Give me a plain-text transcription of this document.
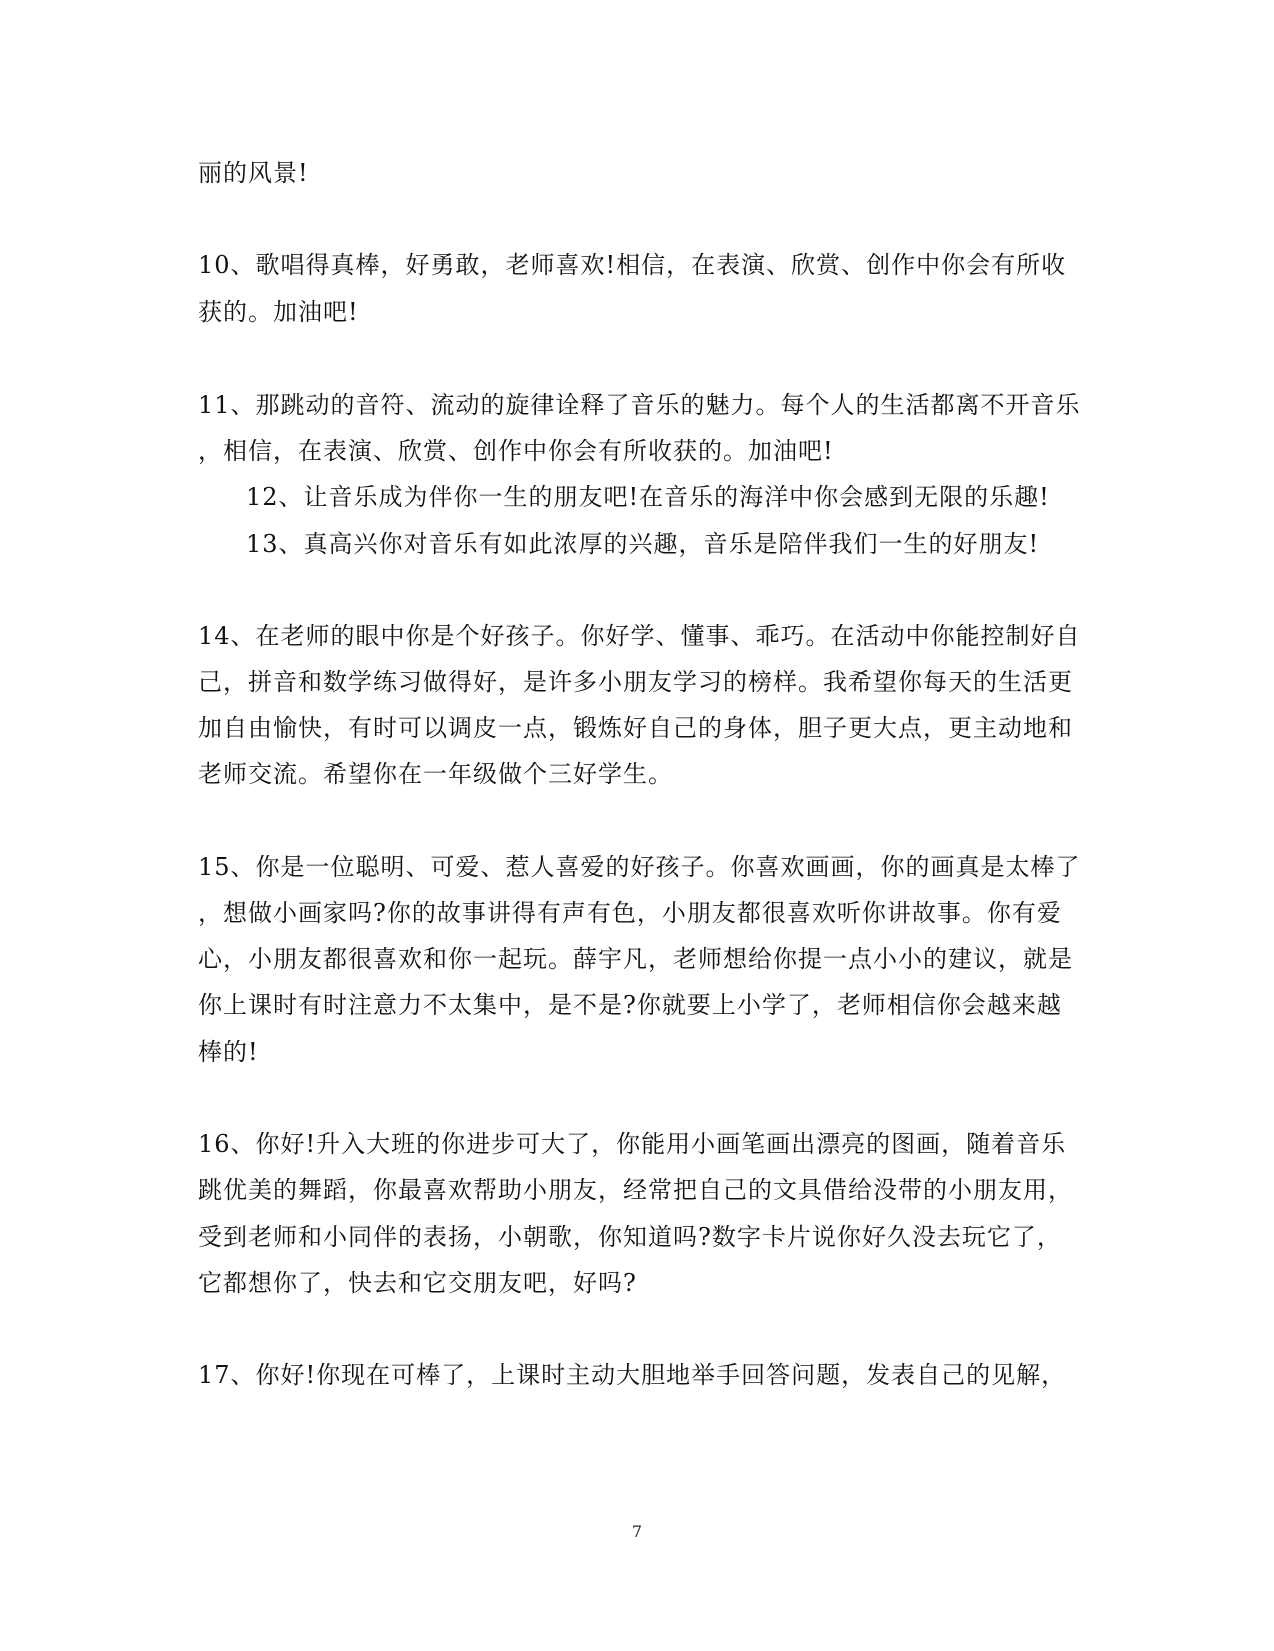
丽的风景!
10、歌唱得真棒，好勇敢，老师喜欢!相信，在表演、欣赏、创作中你会有所收
获的。加油吧!
11、那跳动的音符、流动的旋律诠释了音乐的魅力。每个人的生活都离不开音乐
，相信，在表演、欣赏、创作中你会有所收获的。加油吧!
12、让音乐成为伴你一生的朋友吧!在音乐的海洋中你会感到无限的乐趣!
13、真高兴你对音乐有如此浓厚的兴趣，音乐是陪伴我们一生的好朋友!
14、在老师的眼中你是个好孩子。你好学、懂事、乖巧。在活动中你能控制好自
己，拼音和数学练习做得好，是许多小朋友学习的榜样。我希望你每天的生活更
加自由愉快，有时可以调皮一点，锻炼好自己的身体，胆子更大点，更主动地和
老师交流。希望你在一年级做个三好学生。
15、你是一位聪明、可爱、惹人喜爱的好孩子。你喜欢画画，你的画真是太棒了
，想做小画家吗?你的故事讲得有声有色，小朋友都很喜欢听你讲故事。你有爱
心，小朋友都很喜欢和你一起玩。薛宇凡，老师想给你提一点小小的建议，就是
你上课时有时注意力不太集中，是不是?你就要上小学了，老师相信你会越来越
棒的!
16、你好!升入大班的你进步可大了，你能用小画笔画出漂亮的图画，随着音乐
跳优美的舞蹈，你最喜欢帮助小朋友，经常把自己的文具借给没带的小朋友用，
受到老师和小同伴的表扬，小朝歌，你知道吗?数字卡片说你好久没去玩它了，
它都想你了，快去和它交朋友吧，好吗?
17、你好!你现在可棒了，上课时主动大胆地举手回答问题，发表自己的见解，
7
